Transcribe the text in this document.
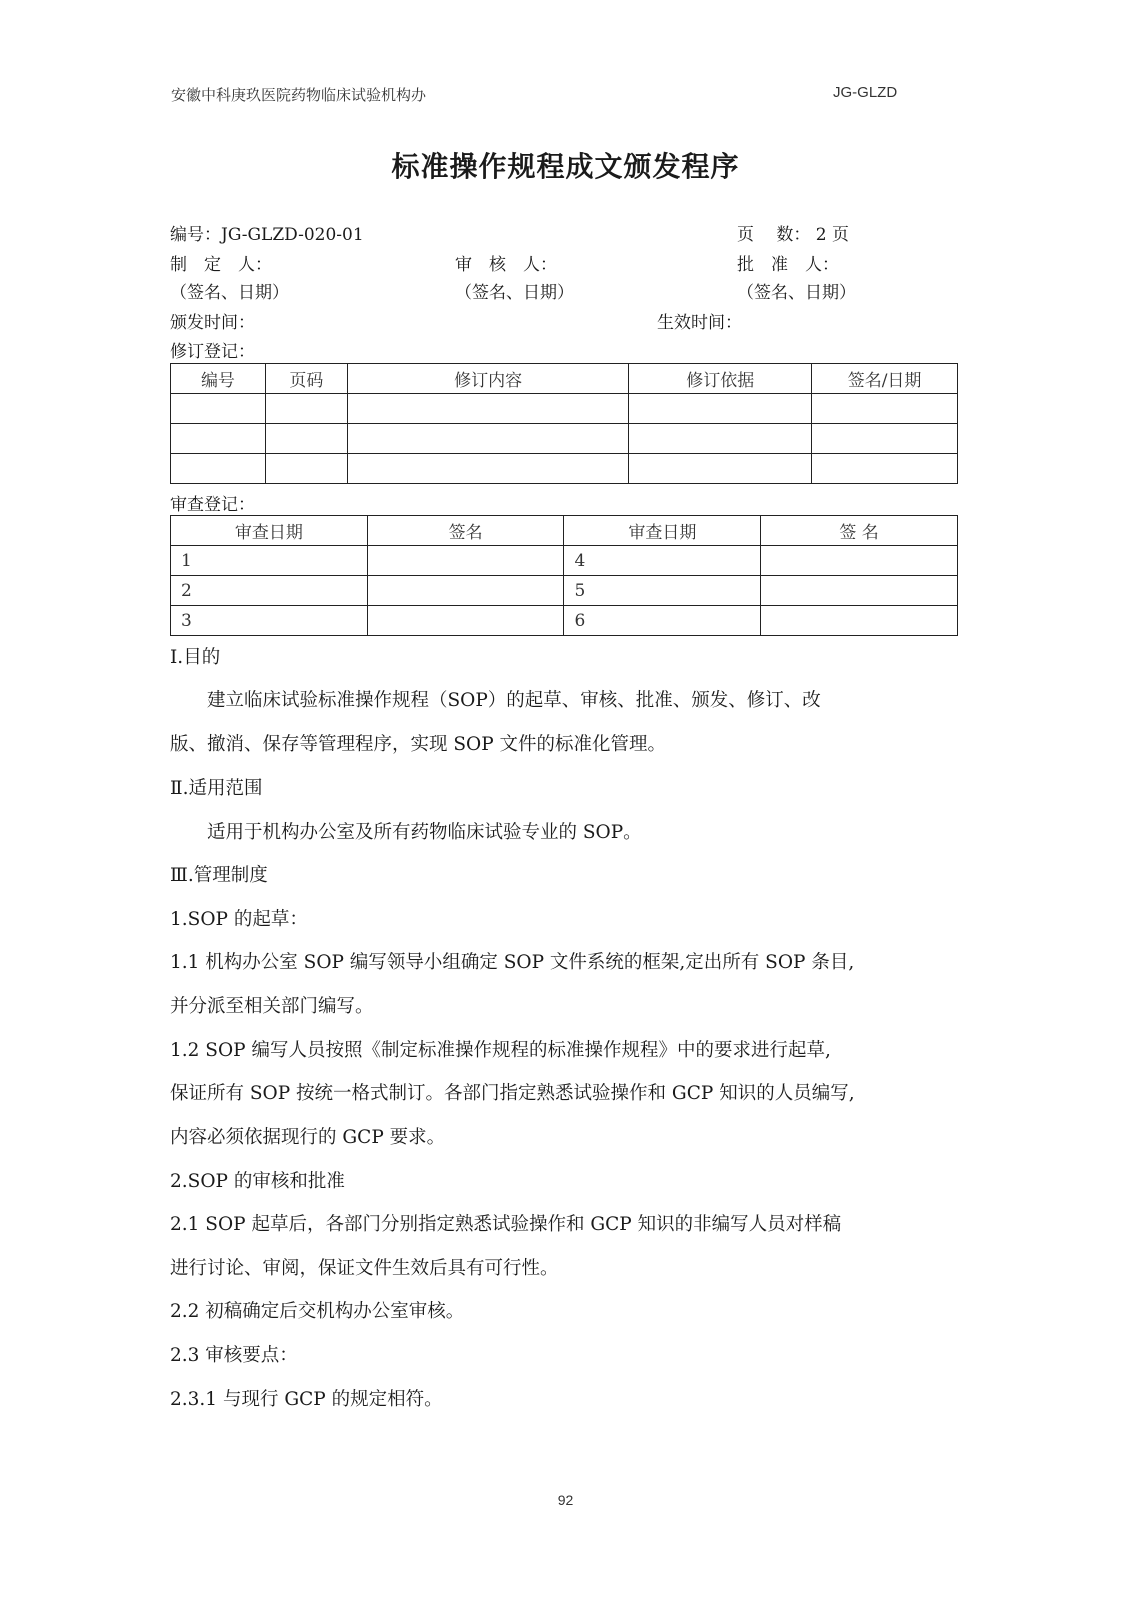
安徽中科庚玖医院药物临床试验机构办	JG-GLZD
标准操作规程成文颁发程序
编号：JG-GLZD-020-01	页　 数： 2 页
制　定　人：	审　核　人：	批　准　人：
（签名、日期）	（签名、日期）	（签名、日期）
颁发时间：	生效时间：
修订登记：
编号	页码	修订内容	修订依据	签名/日期

审查登记：
审查日期	签名	审查日期	签 名
1		4	
2		5	
3		6	
Ⅰ.目的
　　建立临床试验标准操作规程（SOP）的起草、审核、批准、颁发、修订、改
版、撤消、保存等管理程序，实现 SOP 文件的标准化管理。
Ⅱ.适用范围
　　适用于机构办公室及所有药物临床试验专业的 SOP。
Ⅲ.管理制度
1.SOP 的起草：
1.1 机构办公室 SOP 编写领导小组确定 SOP 文件系统的框架,定出所有 SOP 条目,
并分派至相关部门编写。
1.2 SOP 编写人员按照《制定标准操作规程的标准操作规程》中的要求进行起草,
保证所有 SOP 按统一格式制订。各部门指定熟悉试验操作和 GCP 知识的人员编写,
内容必须依据现行的 GCP 要求。
2.SOP 的审核和批准
2.1 SOP 起草后，各部门分别指定熟悉试验操作和 GCP 知识的非编写人员对样稿
进行讨论、审阅，保证文件生效后具有可行性。
2.2 初稿确定后交机构办公室审核。
2.3 审核要点：
2.3.1 与现行 GCP 的规定相符。
92
